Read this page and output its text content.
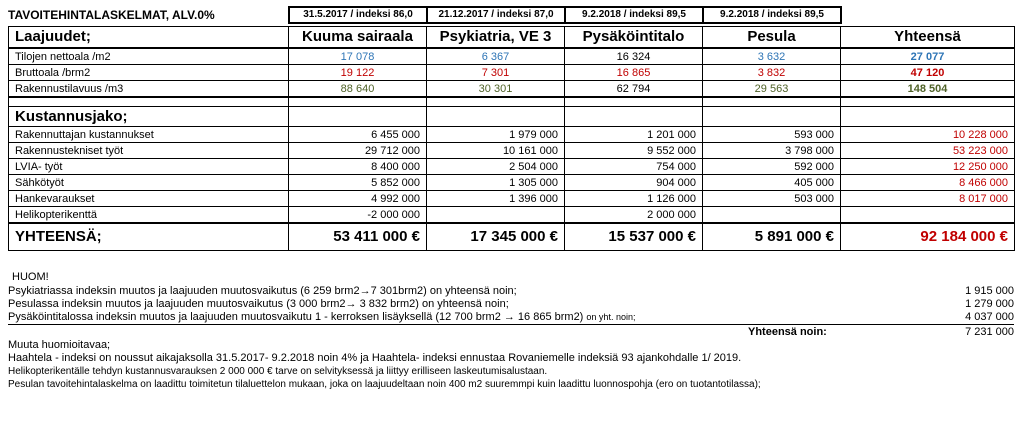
TAVOITEHINTALASKELMAT, ALV.0%	31.5.2017 / indeksi 86,0	21.12.2017 / indeksi 87,0	9.2.2018 / indeksi 89,5	9.2.2018 / indeksi 89,5
Laajuudet;	Kuuma sairaala	Psykiatria, VE 3	Pysäköintitalo	Pesula	Yhteensä
Tilojen nettoala /m2	17 078	6 367	16 324	3 632	27 077
Bruttoala /brm2	19 122	7 301	16 865	3 832	47 120
Rakennustilavuus /m3	88 640	30 301	62 794	29 563	148 504

Kustannusjako;					
Rakennuttajan kustannukset	6 455 000	1 979 000	1 201 000	593 000	10 228 000
Rakennustekniset työt	29 712 000	10 161 000	9 552 000	3 798 000	53 223 000
LVIA- työt	8 400 000	2 504 000	754 000	592 000	12 250 000
Sähkötyöt	5 852 000	1 305 000	904 000	405 000	8 466 000
Hankevaraukset	4 992 000	1 396 000	1 126 000	503 000	8 017 000
Helikopterikenttä	-2 000 000		2 000 000		
YHTEENSÄ;	53 411 000 €	17 345 000 €	15 537 000 €	5 891 000 €	92 184 000 €
HUOM!
Psykiatriassa indeksin muutos ja laajuuden muutosvaikutus (6 259 brm2→7 301brm2) on yhteensä noin;	1 915 000
Pesulassa indeksin muutos ja laajuuden muutosvaikutus (3 000 brm2→ 3 832 brm2) on yhteensä noin;	1 279 000
Pysäköintitalossa indeksin muutos ja laajuuden muutosvaikutu 1 - kerroksen lisäyksellä (12 700 brm2 → 16 865 brm2) on yht. noin;	4 037 000
Yhteensä noin:	7 231 000
Muuta huomioitavaa;
Haahtela - indeksi on noussut aikajaksolla 31.5.2017- 9.2.2018 noin 4% ja Haahtela- indeksi ennustaa Rovaniemelle indeksiä 93 ajankohdalle 1/ 2019.
Helikopterikentälle tehdyn kustannusvarauksen 2 000 000 € tarve on selvityksessä ja liittyy erilliseen laskeutumisalustaan.
Pesulan tavoitehintalaskelma on laadittu toimitetun tilaluettelon mukaan, joka on laajuudeltaan noin 400 m2 suuremmpi kuin laadittu luonnospohja (ero on tuotantotilassa);
